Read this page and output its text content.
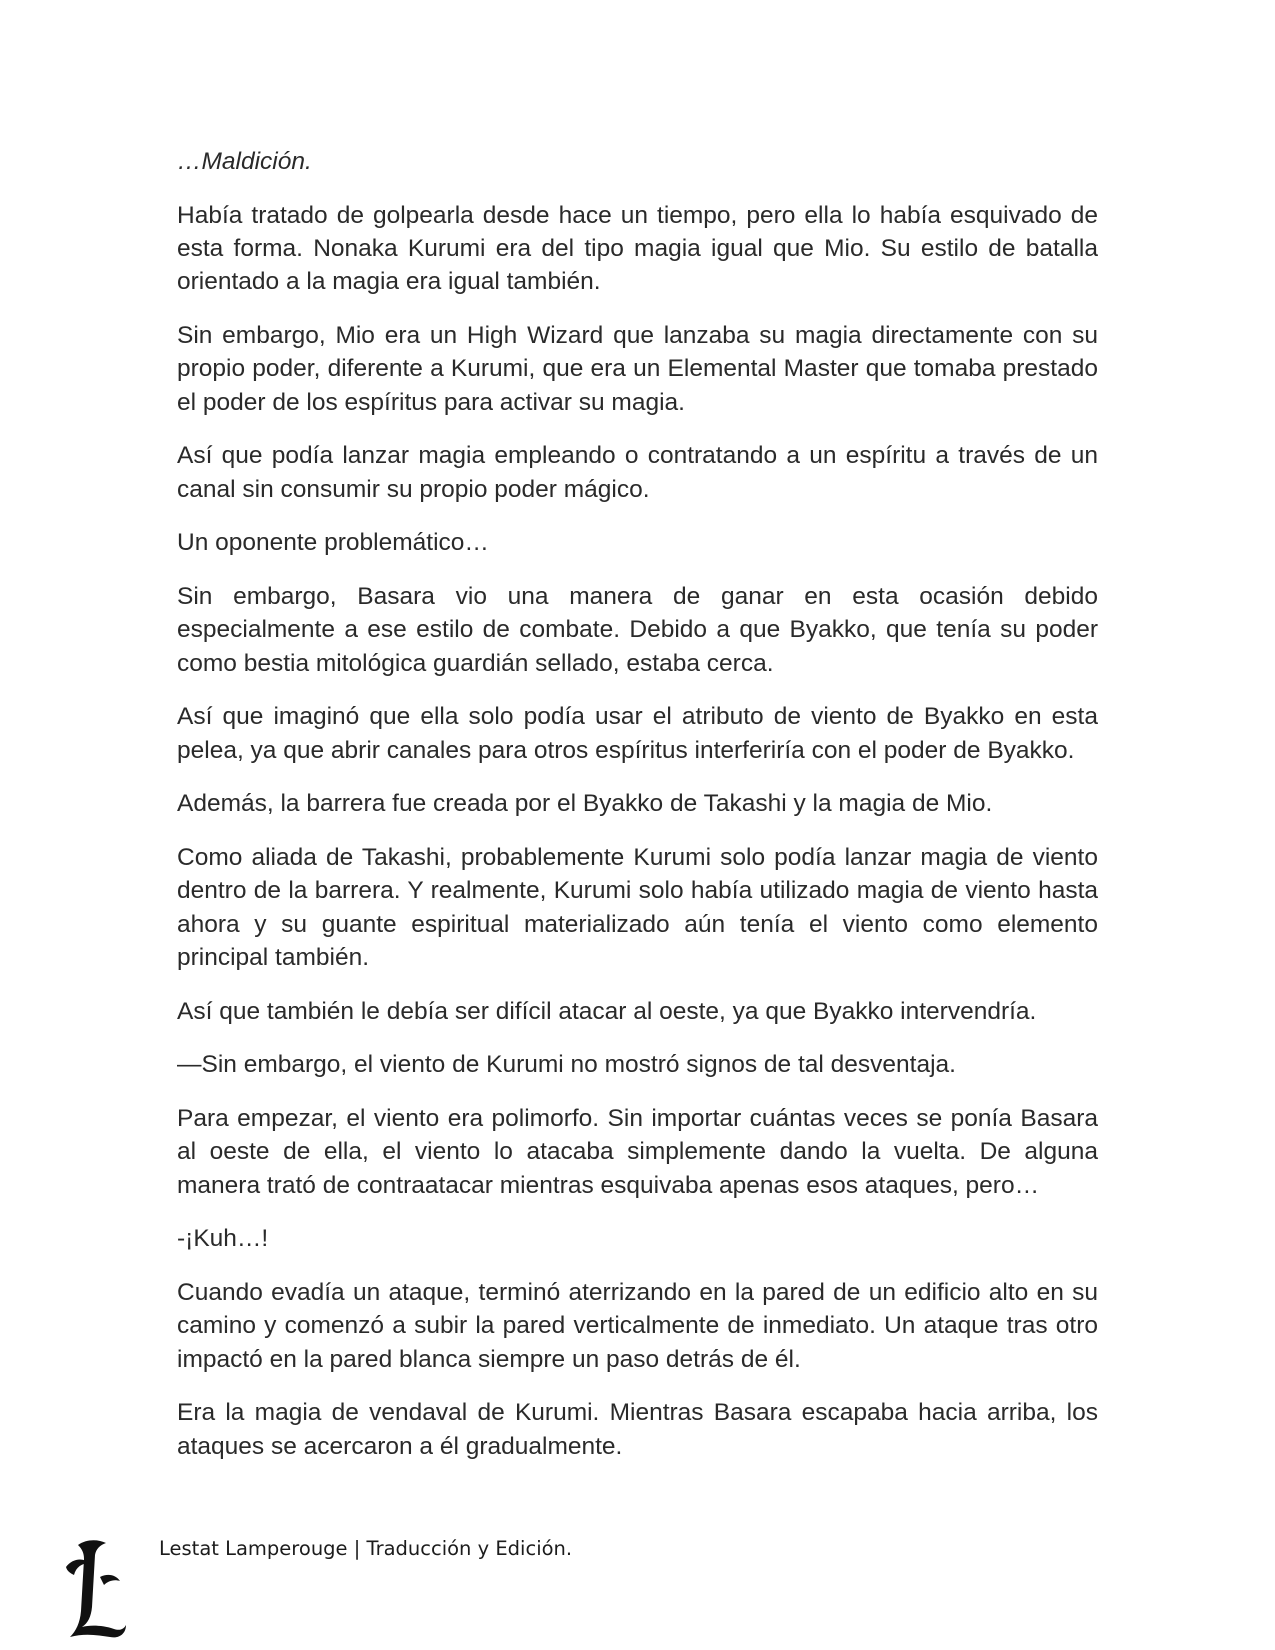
…Maldición.

Había tratado de golpearla desde hace un tiempo, pero ella lo había esquivado de esta forma. Nonaka Kurumi era del tipo magia igual que Mio. Su estilo de batalla orientado a la magia era igual también.

Sin embargo, Mio era un High Wizard que lanzaba su magia directamente con su propio poder, diferente a Kurumi, que era un Elemental Master que tomaba prestado el poder de los espíritus para activar su magia.

Así que podía lanzar magia empleando o contratando a un espíritu a través de un canal sin consumir su propio poder mágico.

Un oponente problemático…

Sin embargo, Basara vio una manera de ganar en esta ocasión debido especialmente a ese estilo de combate. Debido a que Byakko, que tenía su poder como bestia mitológica guardián sellado, estaba cerca.

Así que imaginó que ella solo podía usar el atributo de viento de Byakko en esta pelea, ya que abrir canales para otros espíritus interferiría con el poder de Byakko.

Además, la barrera fue creada por el Byakko de Takashi y la magia de Mio.

Como aliada de Takashi, probablemente Kurumi solo podía lanzar magia de viento dentro de la barrera. Y realmente, Kurumi solo había utilizado magia de viento hasta ahora y su guante espiritual materializado aún tenía el viento como elemento principal también.

Así que también le debía ser difícil atacar al oeste, ya que Byakko intervendría.

—Sin embargo, el viento de Kurumi no mostró signos de tal desventaja.

Para empezar, el viento era polimorfo. Sin importar cuántas veces se ponía Basara al oeste de ella, el viento lo atacaba simplemente dando la vuelta. De alguna manera trató de contraatacar mientras esquivaba apenas esos ataques, pero…

-¡Kuh…!

Cuando evadía un ataque, terminó aterrizando en la pared de un edificio alto en su camino y comenzó a subir la pared verticalmente de inmediato. Un ataque tras otro impactó en la pared blanca siempre un paso detrás de él.

Era la magia de vendaval de Kurumi. Mientras Basara escapaba hacia arriba, los ataques se acercaron a él gradualmente.

Lestat Lamperouge | Traducción y Edición.
